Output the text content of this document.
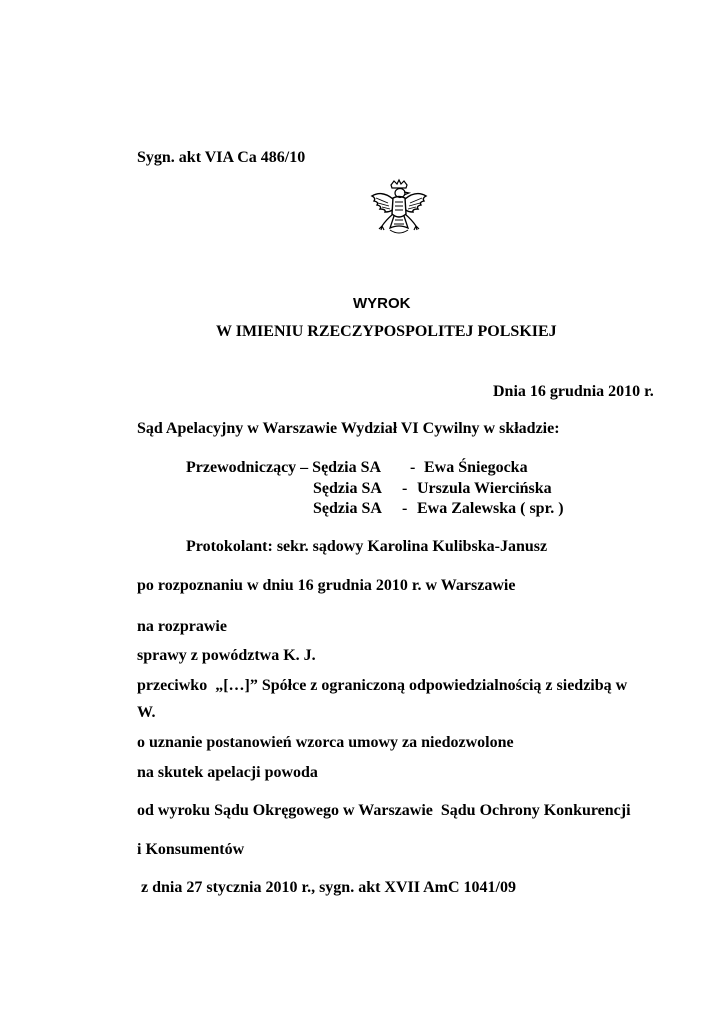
Sygn. akt VIA Ca 486/10
WYROK
W IMIENIU RZECZYPOSPOLITEJ POLSKIEJ
Dnia 16 grudnia 2010 r.
Sąd Apelacyjny w Warszawie Wydział VI Cywilny w składzie:
Przewodniczący – Sędzia SA - Ewa Śniegocka
Sędzia SA - Urszula Wiercińska
Sędzia SA - Ewa Zalewska ( spr. )
Protokolant: sekr. sądowy Karolina Kulibska-Janusz
po rozpoznaniu w dniu 16 grudnia 2010 r. w Warszawie
na rozprawie
sprawy z powództwa K. J.
przeciwko  „[…]” Spółce z ograniczoną odpowiedzialnością z siedzibą w
W.
o uznanie postanowień wzorca umowy za niedozwolone
na skutek apelacji powoda
od wyroku Sądu Okręgowego w Warszawie  Sądu Ochrony Konkurencji
i Konsumentów
z dnia 27 stycznia 2010 r., sygn. akt XVII AmC 1041/09
